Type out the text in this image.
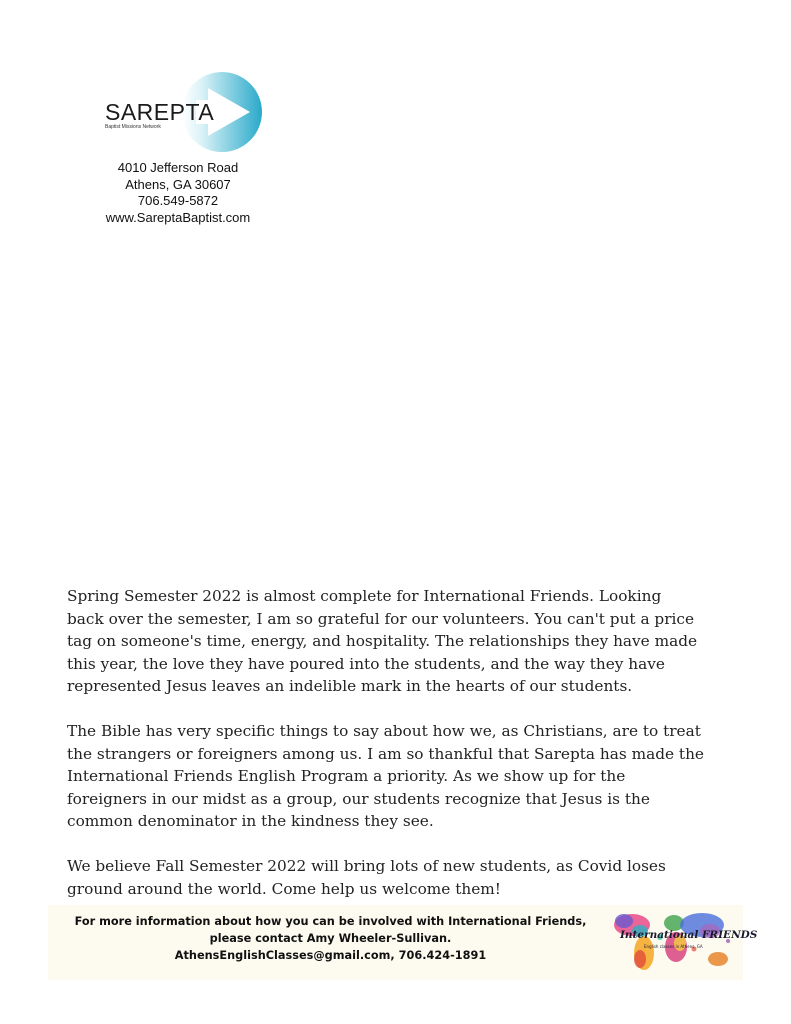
SAREPTA
Baptist Missions Network
4010 Jefferson Road
Athens, GA 30607
706.549-5872
www.SareptaBaptist.com

Spring Semester 2022 is almost complete for International Friends. Looking
back over the semester, I am so grateful for our volunteers. You can't put a price
tag on someone's time, energy, and hospitality. The relationships they have made
this year, the love they have poured into the students, and the way they have
represented Jesus leaves an indelible mark in the hearts of our students.

The Bible has very specific things to say about how we, as Christians, are to treat
the strangers or foreigners among us. I am so thankful that Sarepta has made the
International Friends English Program a priority. As we show up for the
foreigners in our midst as a group, our students recognize that Jesus is the
common denominator in the kindness they see.

We believe Fall Semester 2022 will bring lots of new students, as Covid loses
ground around the world. Come help us welcome them!

For more information about how you can be involved with International Friends,
please contact Amy Wheeler-Sullivan.
AthensEnglishClasses@gmail.com, 706.424-1891
International FRIENDS
English classes in Athens, GA
